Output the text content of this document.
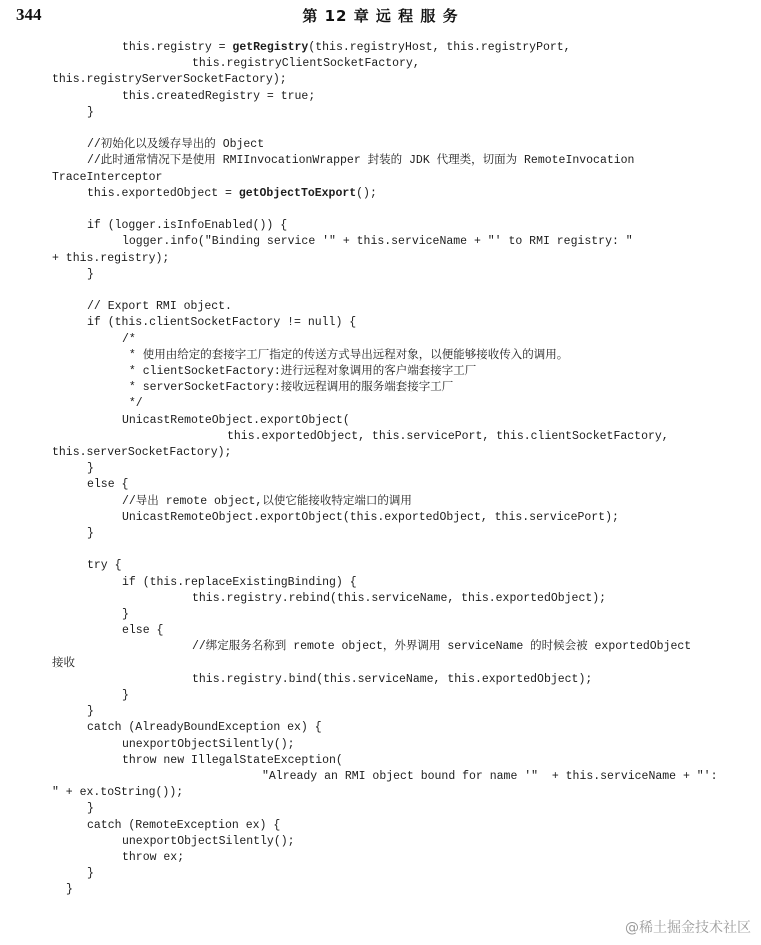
344	第 12 章 远 程 服 务
this.registry = getRegistry(this.registryHost, this.registryPort,
this.registryClientSocketFactory,
this.registryServerSocketFactory);
this.createdRegistry = true;
}
//初始化以及缓存导出的 Object
//此时通常情况下是使用 RMIInvocationWrapper 封装的 JDK 代理类，切面为 RemoteInvocation
TraceInterceptor
this.exportedObject = getObjectToExport();
if (logger.isInfoEnabled()) {
logger.info("Binding service '" + this.serviceName + "' to RMI registry: "
+ this.registry);
}
// Export RMI object.
if (this.clientSocketFactory != null) {
/*
* 使用由给定的套接字工厂指定的传送方式导出远程对象，以便能够接收传入的调用。
* clientSocketFactory:进行远程对象调用的客户端套接字工厂
* serverSocketFactory:接收远程调用的服务端套接字工厂
*/
UnicastRemoteObject.exportObject(
this.exportedObject, this.servicePort, this.clientSocketFactory,
this.serverSocketFactory);
}
else {
//导出 remote object,以使它能接收特定端口的调用
UnicastRemoteObject.exportObject(this.exportedObject, this.servicePort);
}
try {
if (this.replaceExistingBinding) {
this.registry.rebind(this.serviceName, this.exportedObject);
}
else {
//绑定服务名称到 remote object，外界调用 serviceName 的时候会被 exportedObject
接收
this.registry.bind(this.serviceName, this.exportedObject);
}
}
catch (AlreadyBoundException ex) {
unexportObjectSilently();
throw new IllegalStateException(
"Already an RMI object bound for name '"  + this.serviceName + "':
" + ex.toString());
}
catch (RemoteException ex) {
unexportObjectSilently();
throw ex;
}
}
@稀土掘金技术社区
